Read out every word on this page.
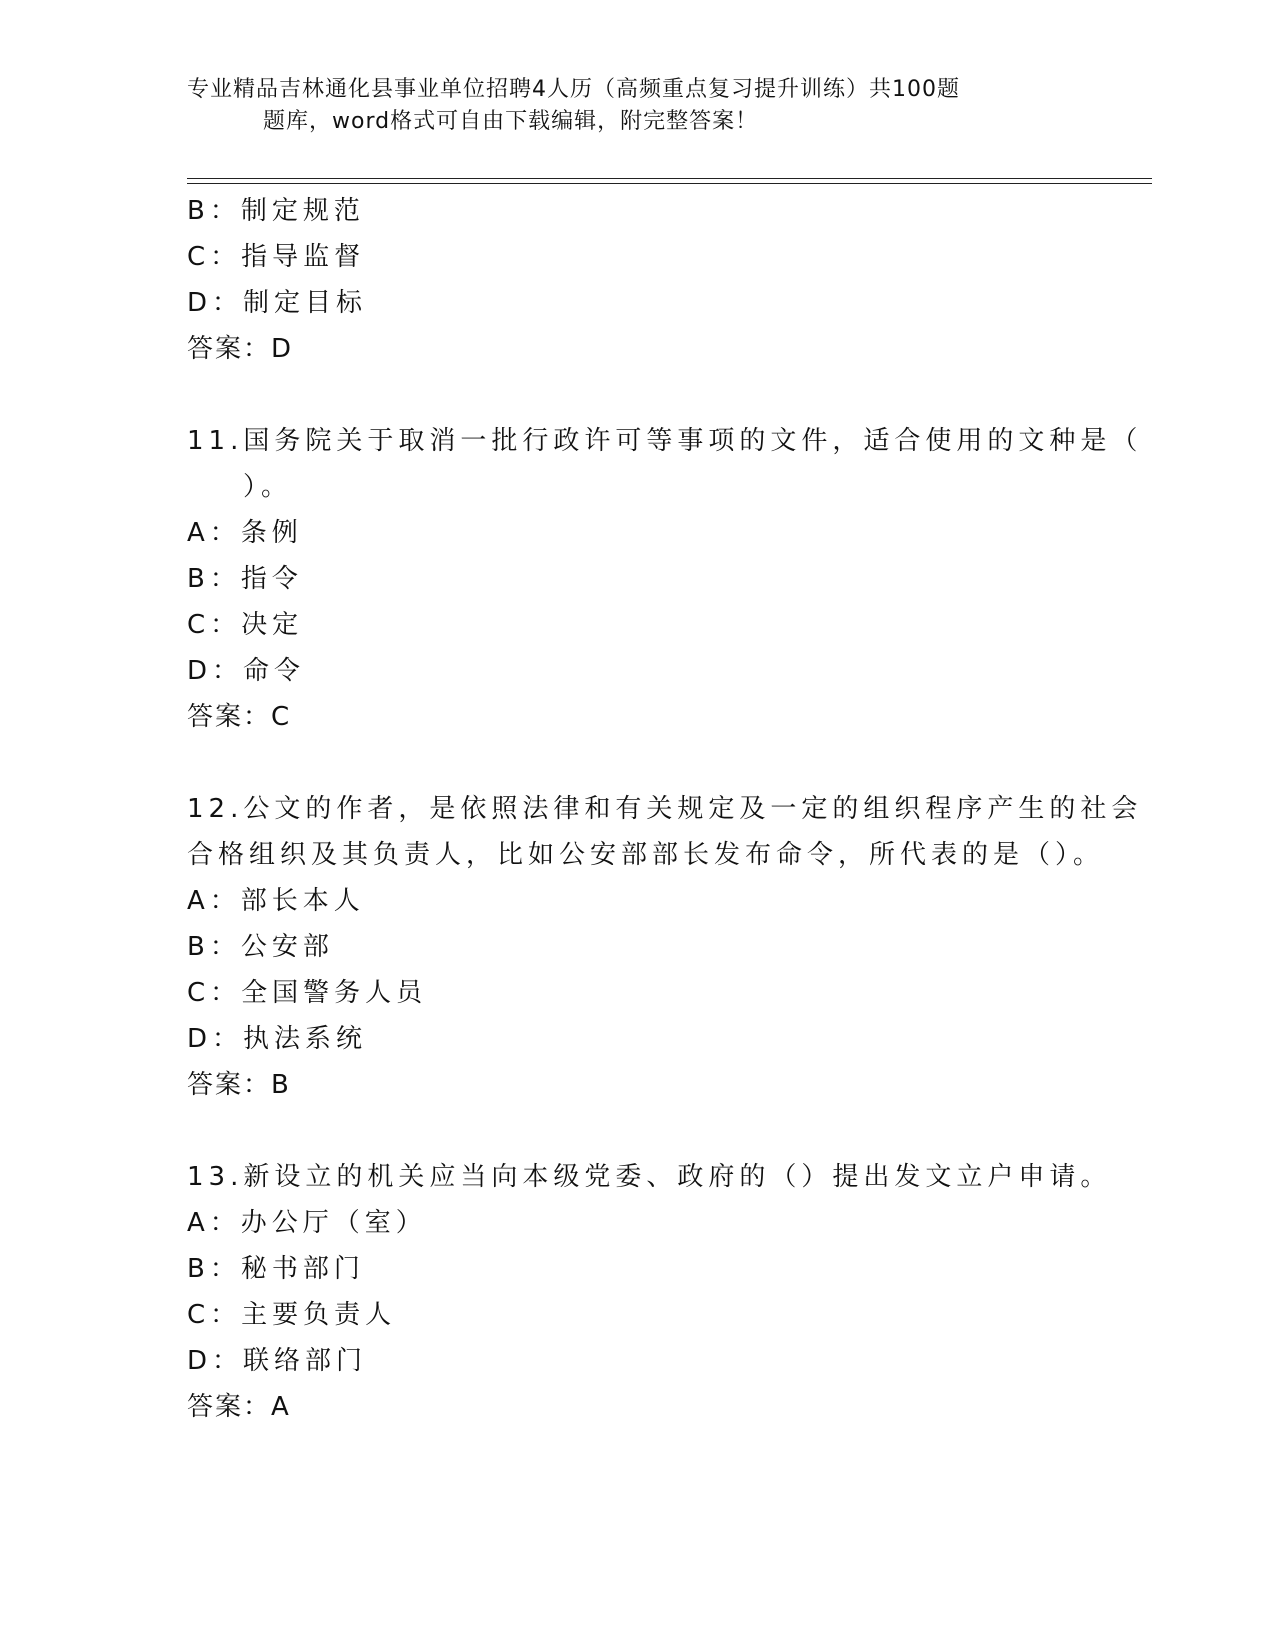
专业精品吉林通化县事业单位招聘4人历（高频重点复习提升训练）共100题
题库，word格式可自由下载编辑，附完整答案！
B：制定规范
C：指导监督
D：制定目标
答案：D
11.国务院关于取消一批行政许可等事项的文件，适合使用的文种是（
）。
A：条例
B：指令
C：决定
D：命令
答案：C
12.公文的作者，是依照法律和有关规定及一定的组织程序产生的社会
合格组织及其负责人，比如公安部部长发布命令，所代表的是（）。
A：部长本人
B：公安部
C：全国警务人员
D：执法系统
答案：B
13.新设立的机关应当向本级党委、政府的（）提出发文立户申请。
A：办公厅（室）
B：秘书部门
C：主要负责人
D：联络部门
答案：A
